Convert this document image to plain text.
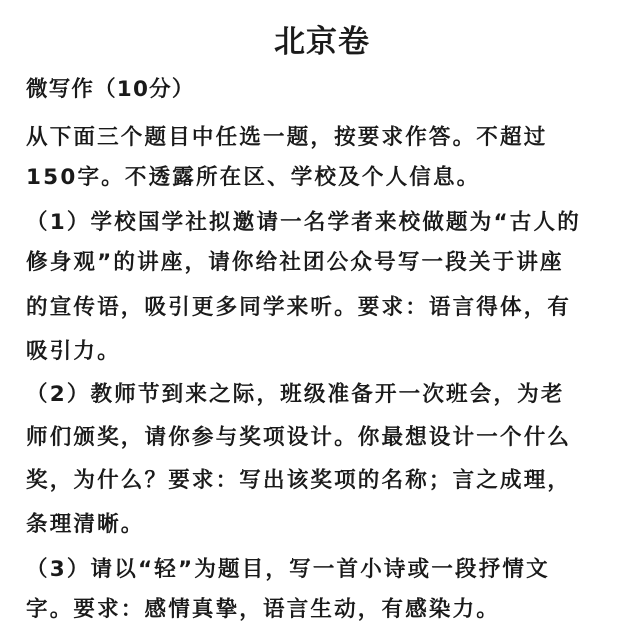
北京卷
微写作（10分）
从下面三个题目中任选一题，按要求作答。不超过
150字。不透露所在区、学校及个人信息。
（1）学校国学社拟邀请一名学者来校做题为“古人的
修身观”的讲座，请你给社团公众号写一段关于讲座
的宣传语，吸引更多同学来听。要求：语言得体，有
吸引力。
（2）教师节到来之际，班级准备开一次班会，为老
师们颁奖，请你参与奖项设计。你最想设计一个什么
奖，为什么？要求：写出该奖项的名称；言之成理，
条理清晰。
（3）请以“轻”为题目，写一首小诗或一段抒情文
字。要求：感情真挚，语言生动，有感染力。
